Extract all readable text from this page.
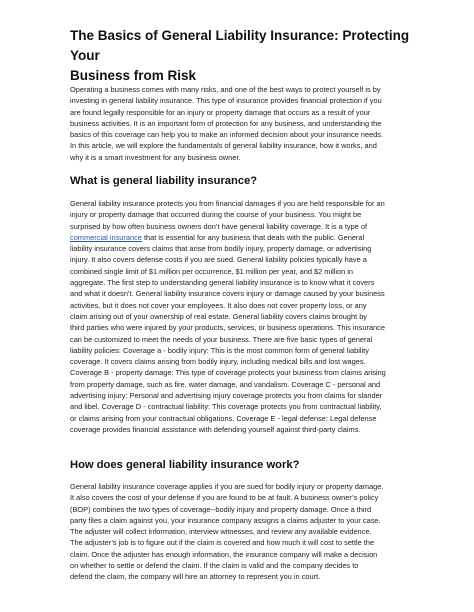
The Basics of General Liability Insurance: Protecting Your
Business from Risk
Operating a business comes with many risks, and one of the best ways to protect yourself is by
investing in general liability insurance. This type of insurance provides financial protection if you
are found legally responsible for an injury or property damage that occurs as a result of your
business activities. It is an important form of protection for any business, and understanding the
basics of this coverage can help you to make an informed decision about your insurance needs.
In this article, we will explore the fundamentals of general liability insurance, how it works, and
why it is a smart investment for any business owner.
What is general liability insurance?
General liability insurance protects you from financial damages if you are held responsible for an
injury or property damage that occurred during the course of your business. You might be
surprised by how often business owners don’t have general liability coverage. It is a type of
commercial insurance that is essential for any business that deals with the public. General
liability insurance covers claims that arise from bodily injury, property damage, or advertising
injury. It also covers defense costs if you are sued. General liability policies typically have a
combined single limit of $1 million per occurrence, $1 million per year, and $2 million in
aggregate. The first step to understanding general liability insurance is to know what it covers
and what it doesn’t. General liability insurance covers injury or damage caused by your business
activities, but it does not cover your employees. It also does not cover property loss, or any
claim arising out of your ownership of real estate. General liability covers claims brought by
third parties who were injured by your products, services, or business operations. This insurance
can be customized to meet the needs of your business. There are five basic types of general
liability policies: Coverage a - bodily injury: This is the most common form of general liability
coverage. It covers claims arising from bodily injury, including medical bills and lost wages.
Coverage B - property damage: This type of coverage protects your business from claims arising
from property damage, such as fire, water damage, and vandalism. Coverage C - personal and
advertising injury: Personal and advertising injury coverage protects you from claims for slander
and libel. Coverage D - contractual liability: This coverage protects you from contractual liability,
or claims arising from your contractual obligations. Coverage E - legal defense: Legal defense
coverage provides financial assistance with defending yourself against third-party claims.
How does general liability insurance work?
General liability insurance coverage applies if you are sued for bodily injury or property damage.
It also covers the cost of your defense if you are found to be at fault. A business owner’s policy
(BOP) combines the two types of coverage--bodily injury and property damage. Once a third
party files a claim against you, your insurance company assigns a claims adjuster to your case.
The adjuster will collect information, interview witnesses, and review any available evidence.
The adjuster’s job is to figure out if the claim is covered and how much it will cost to settle the
claim. Once the adjuster has enough information, the insurance company will make a decision
on whether to settle or defend the claim. If the claim is valid and the company decides to
defend the claim, the company will hire an attorney to represent you in court.
